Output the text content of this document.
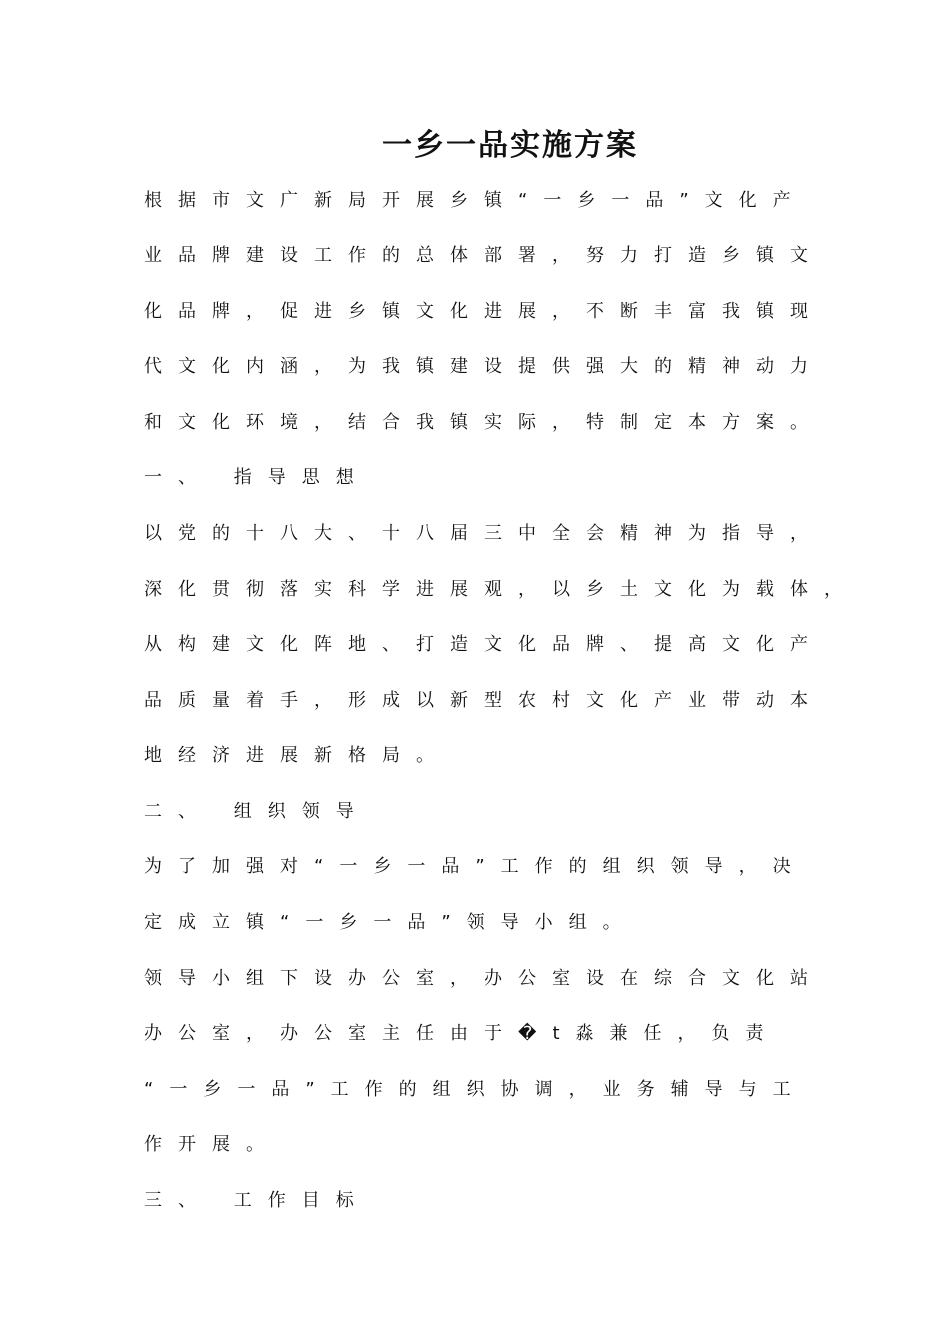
一乡一品实施方案
根据市文广新局开展乡镇“一乡一品”文化产
业品牌建设工作的总体部署，努力打造乡镇文
化品牌，促进乡镇文化进展，不断丰富我镇现
代文化内涵，为我镇建设提供强大的精神动力
和文化环境，结合我镇实际，特制定本方案。
一、 指导思想
以党的十八大、十八届三中全会精神为指导，
深化贯彻落实科学进展观，以乡土文化为载体，
从构建文化阵地、打造文化品牌、提高文化产
品质量着手，形成以新型农村文化产业带动本
地经济进展新格局。
二、 组织领导
为了加强对“一乡一品”工作的组织领导，决
定成立镇“一乡一品”领导小组。
领导小组下设办公室，办公室设在综合文化站
办公室，办公室主任由于�t淼兼任，负责
“一乡一品”工作的组织协调，业务辅导与工
作开展。
三、 工作目标
